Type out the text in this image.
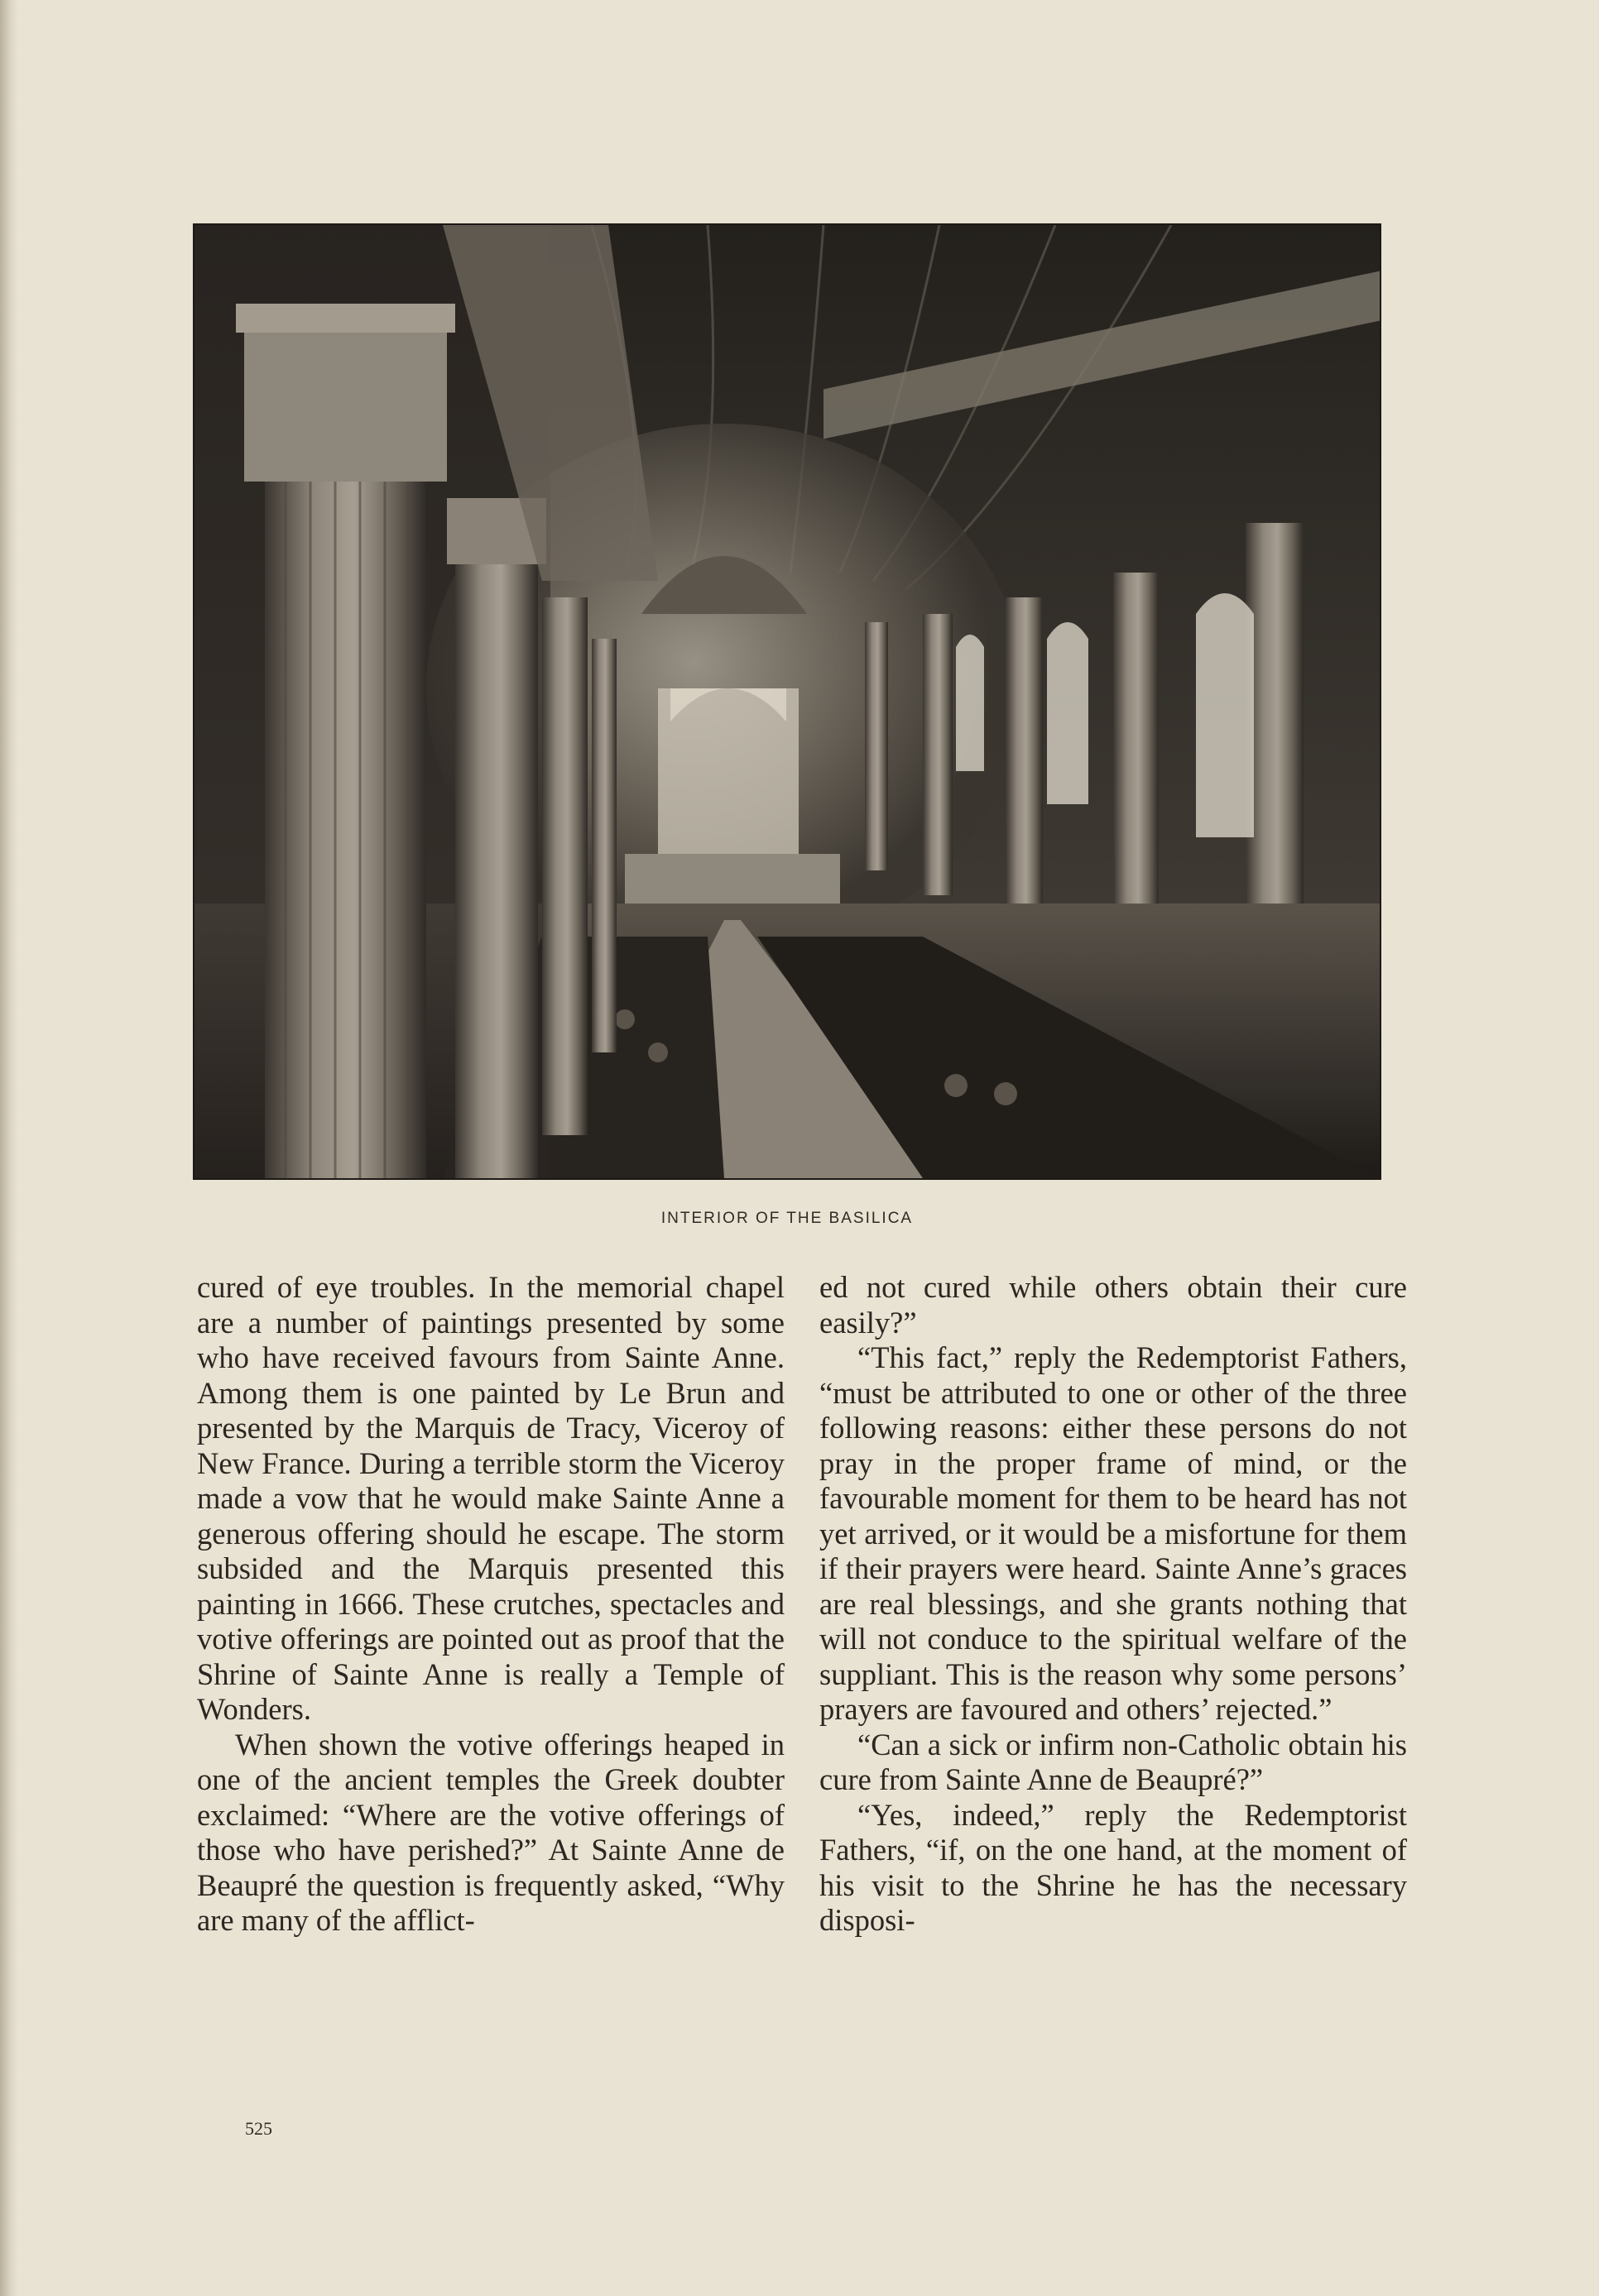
INTERIOR OF THE BASILICA

cured of eye troubles. In the memorial chapel are a number of paintings presented by some who have received favours from Sainte Anne. Among them is one painted by Le Brun and presented by the Marquis de Tracy, Viceroy of New France. During a terrible storm the Viceroy made a vow that he would make Sainte Anne a generous offering should he escape. The storm subsided and the Marquis presented this painting in 1666. These crutches, spectacles and votive offerings are pointed out as proof that the Shrine of Sainte Anne is really a Temple of Wonders.

When shown the votive offerings heaped in one of the ancient temples the Greek doubter exclaimed: “Where are the votive offerings of those who have perished?” At Sainte Anne de Beaupré the question is frequently asked, “Why are many of the afflict-

ed not cured while others obtain their cure easily?”

“This fact,” reply the Redemptorist Fathers, “must be attributed to one or other of the three following reasons: either these persons do not pray in the proper frame of mind, or the favourable moment for them to be heard has not yet arrived, or it would be a misfortune for them if their prayers were heard. Sainte Anne’s graces are real blessings, and she grants nothing that will not conduce to the spiritual welfare of the suppliant. This is the reason why some persons’ prayers are favoured and others’ rejected.”

“Can a sick or infirm non-Catholic obtain his cure from Sainte Anne de Beaupré?”

“Yes, indeed,” reply the Redemptorist Fathers, “if, on the one hand, at the moment of his visit to the Shrine he has the necessary disposi-

525
